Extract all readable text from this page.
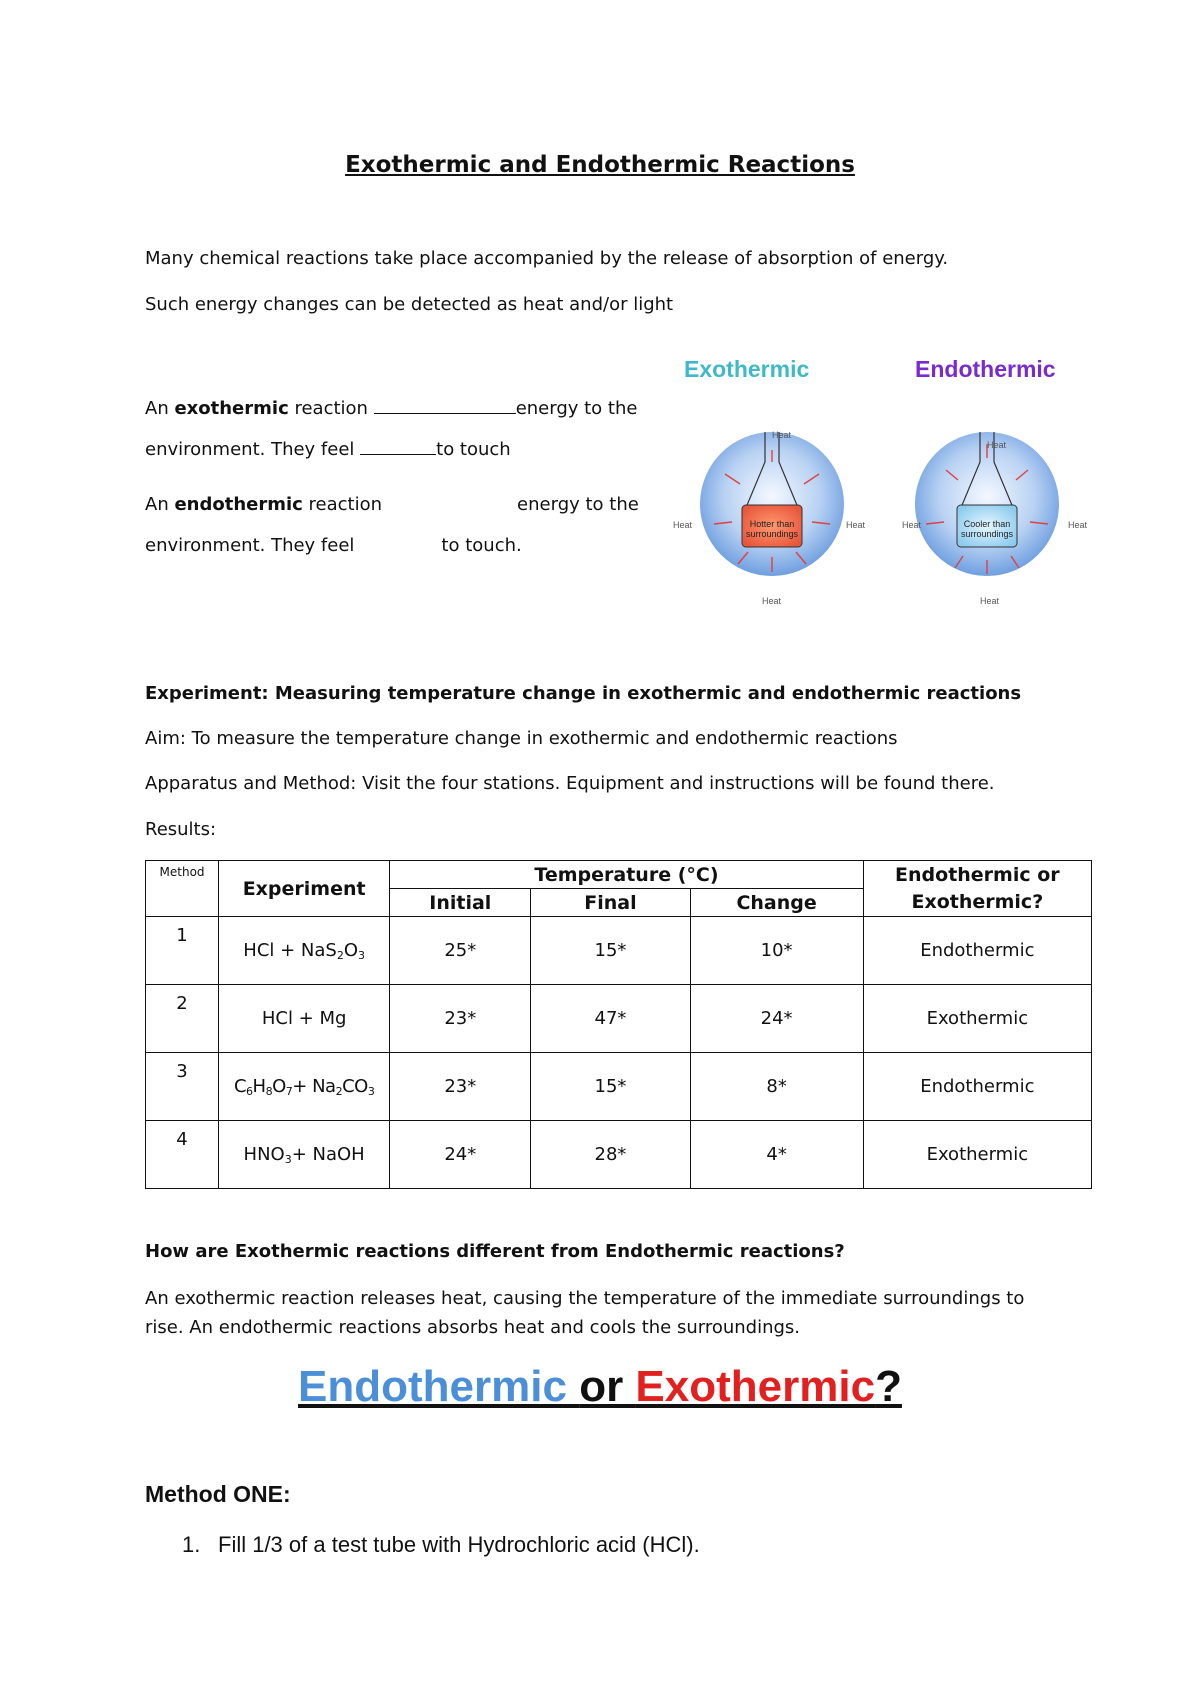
Exothermic and Endothermic Reactions
Many chemical reactions take place accompanied by the release of absorption of energy.
Such energy changes can be detected as heat and/or light
An exothermic reaction	energy to the
environment. They feel	to touch
An endothermic reaction	energy to the
environment. They feel	to touch.
Exothermic	Endothermic
Heat
Heat	Heat
Heat
Hotter than
surroundings
Heat
Heat	Heat
Heat
Cooler than
surroundings
Experiment: Measuring temperature change in exothermic and endothermic reactions
Aim: To measure the temperature change in exothermic and endothermic reactions
Apparatus and Method: Visit the four stations. Equipment and instructions will be found there.
Results:
Method	Experiment	Temperature (°C)			Endothermic or
Exothermic?
		Initial	Final	Change	
1	HCl + $NaS_2O_3$	25*	15*	10*	Endothermic
2	HCl + Mg	23*	47*	24*	Exothermic
3	$C_6H_8O_7+ Na_2CO_3$	23*	15*	8*	Endothermic
4	$HNO_3+$ NaOH	24*	28*	4*	Exothermic
How are Exothermic reactions different from Endothermic reactions?
An exothermic reaction releases heat, causing the temperature of the immediate surroundings to
rise. An endothermic reactions absorbs heat and cools the surroundings.
Endothermic or Exothermic?
Method ONE:
1. Fill 1/3 of a test tube with Hydrochloric acid (HCl).
